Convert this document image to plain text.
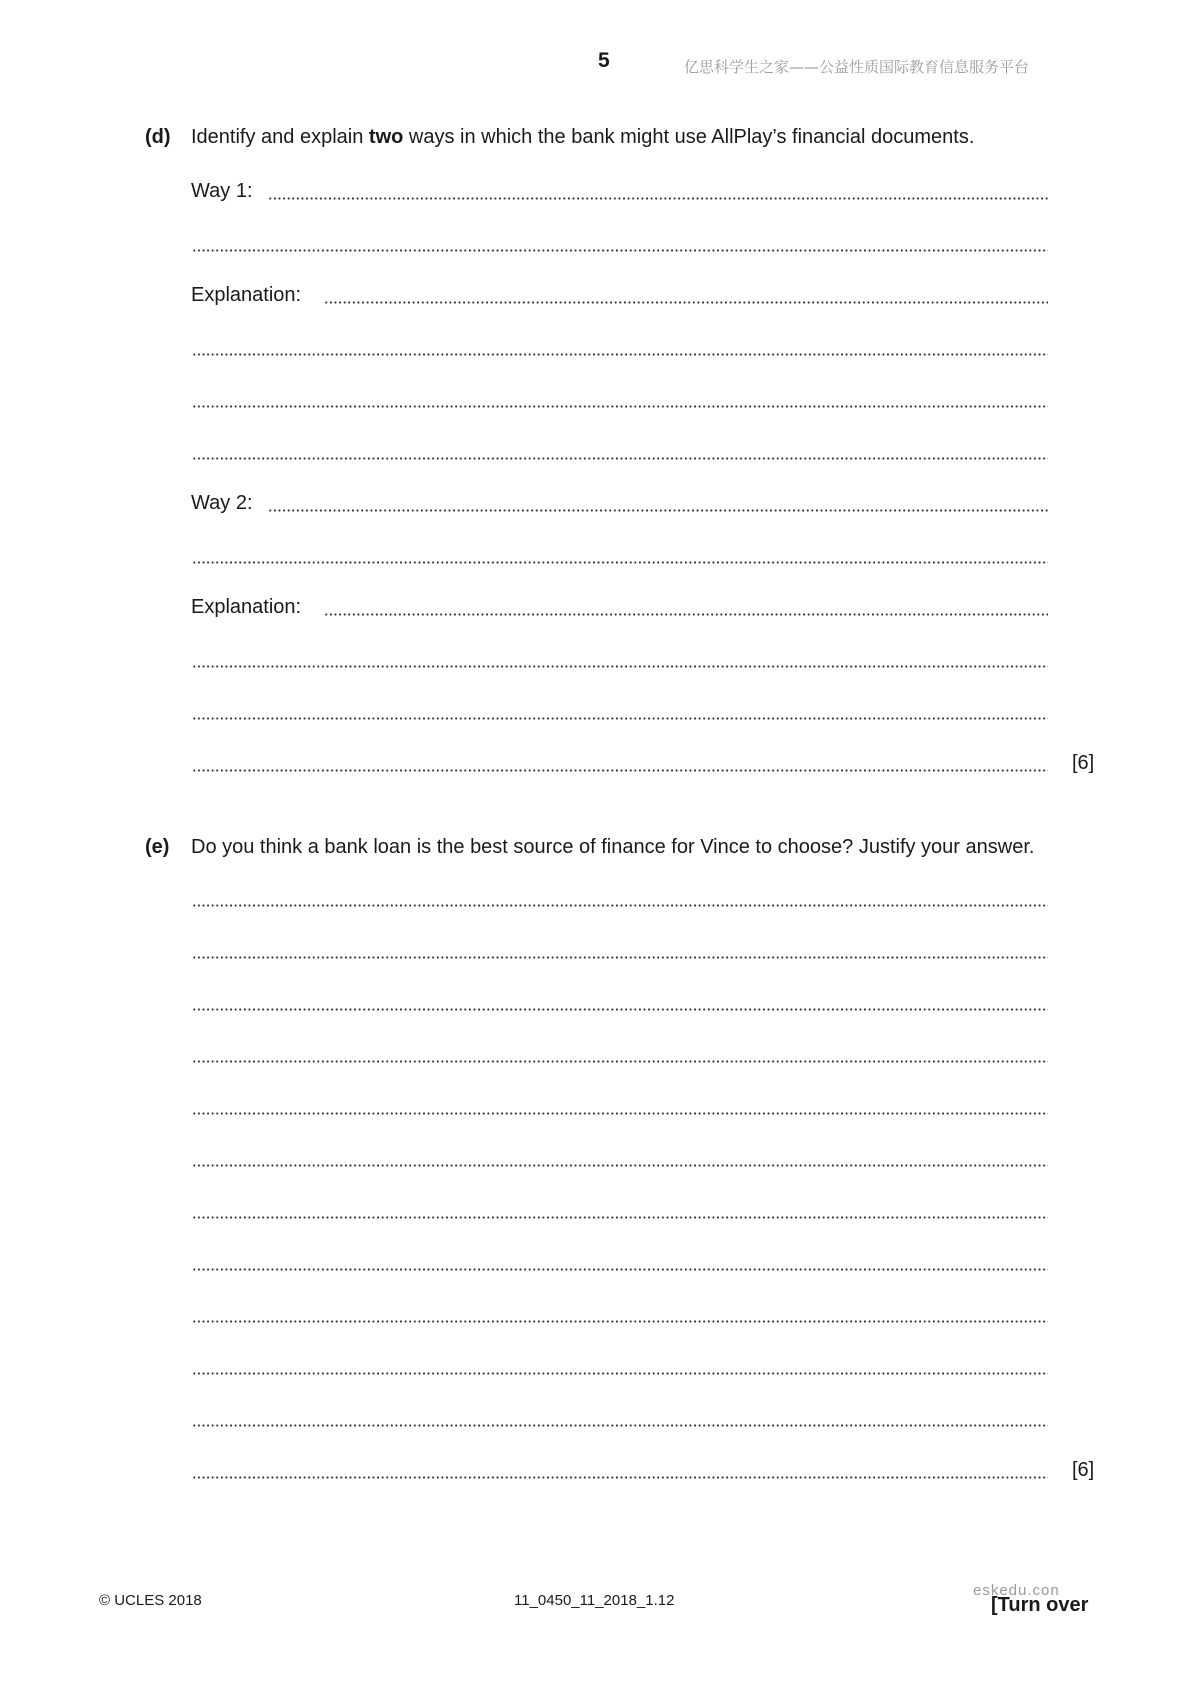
5	亿思科学生之家——公益性质国际教育信息服务平台
(d) Identify and explain two ways in which the bank might use AllPlay’s financial documents.
Way 1:
Explanation:
Way 2:
Explanation:
[6]
(e) Do you think a bank loan is the best source of finance for Vince to choose? Justify your answer.
[6]
© UCLES 2018	11_0450_11_2018_1.12
eskedu.con
[Turn over
